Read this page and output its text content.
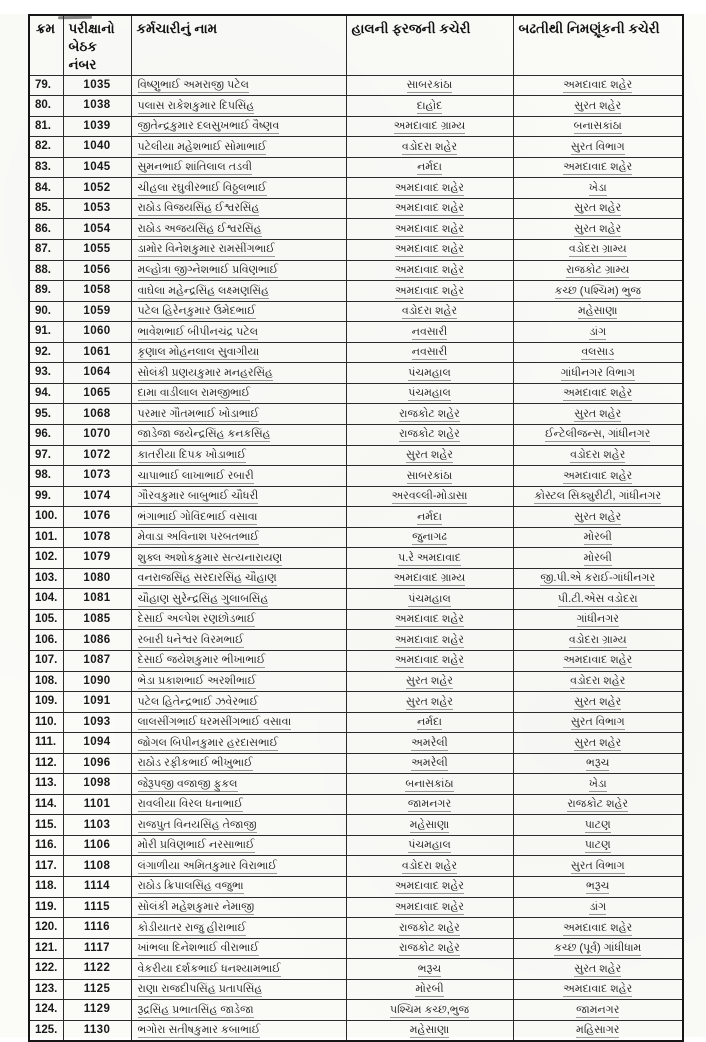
ક્રમ	પરીક્ષાનો બેઠક નંબર	કર્મચારીનું નામ	હાલની ફરજની કચેરી	બઢતીથી નિમણૂંકની કચેરી
79.	1035	વિષ્ણુભાઈ અમરાજી પટેલ	સાબરકાંઠા	અમદાવાદ શહેર
80.	1038	પલાસ રાકેશકુમાર દિપસિંહ	દાહોદ	સુરત શહેર
81.	1039	જીતેન્દ્રકુમાર દલસુખભાઈ વૈષ્ણવ	અમદાવાદ ગ્રામ્ય	બનાસકાંઠા
82.	1040	પટેલીયા મહેશભાઈ સોમાભાઈ	વડોદરા શહેર	સુરત વિભાગ
83.	1045	સુમનભાઈ શાંતિલાલ તડવી	નર્મદા	અમદાવાદ શહેર
84.	1052	ચીહલા રઘુવીરભાઈ વિઠ્ઠલભાઈ	અમદાવાદ શહેર	ખેડા
85.	1053	રાઠોડ વિજયસિંહ ઈશ્વરસિંહ	અમદાવાદ શહેર	સુરત શહેર
86.	1054	રાઠોડ અજયસિંહ ઈશ્વરસિંહ	અમદાવાદ શહેર	સુરત શહેર
87.	1055	ડામોર વિનેશકુમાર રામસીંગભાઈ	અમદાવાદ શહેર	વડોદરા ગ્રામ્ય
88.	1056	મલ્હોત્રા જીગ્નેશભાઈ પ્રવિણભાઈ	અમદાવાદ શહેર	રાજકોટ ગ્રામ્ય
89.	1058	વાઘેલા મહેન્દ્રસિંહ લક્ષ્મણસિંહ	અમદાવાદ શહેર	કચ્છ (પશ્ચિમ) ભુજ
90.	1059	પટેલ હિરેનકુમાર ઉમેદભાઈ	વડોદરા શહેર	મહેસાણા
91.	1060	ભાવેશભાઈ બીપીનચંદ્ર પટેલ	નવસારી	ડાંગ
92.	1061	કૃણાલ મોહનલાલ સુવાગીયા	નવસારી	વલસાડ
93.	1064	સોલંકી પ્રણયકુમાર મનહરસિંહ	પંચમહાલ	ગાંધીનગર વિભાગ
94.	1065	દામા વાડીલાલ રામજીભાઈ	પંચમહાલ	અમદાવાદ શહેર
95.	1068	પરમાર ગૌતમભાઈ ખોડાભાઈ	રાજકોટ શહેર	સુરત શહેર
96.	1070	જાડેજા જયેન્દ્રસિંહ કનકસિંહ	રાજકોટ શહેર	ઈન્ટેલીજન્સ, ગાંધીનગર
97.	1072	કાતરીયા દિપક ખોડાભાઈ	સુરત શહેર	વડોદરા શહેર
98.	1073	ચાપાભાઈ લાખાભાઈ રબારી	સાબરકાંઠા	અમદાવાદ શહેર
99.	1074	ગૌરવકુમાર બાબુભાઈ ચૌધરી	અરવલ્લી-મોડાસા	કોસ્ટલ સિક્યુરીટી, ગાંધીનગર
100.	1076	ભંગાભાઈ ગોવિંદભાઈ વસાવા	નર્મદા	સુરત શહેર
101.	1078	મેવાડા અવિનાશ પરબતભાઈ	જુનાગઢ	મોરબી
102.	1079	શુક્લ અશોકકુમાર સત્યનારાયણ	પ.રે અમદાવાદ	મોરબી
103.	1080	વનરાજસિંહ સરદારસિંહ ચૌહાણ	અમદાવાદ ગ્રામ્ય	જી.પી.એ કરાઈ-ગાંધીનગર
104.	1081	ચૌહાણ સુરેન્દ્રસિંહ ગુલાબસિંહ	પંચમહાલ	પી.ટી.એસ વડોદરા
105.	1085	દેસાઈ અલ્પેશ રણછોડભાઈ	અમદાવાદ શહેર	ગાંધીનગર
106.	1086	રબારી ધનેશ્વર વિરમભાઈ	અમદાવાદ શહેર	વડોદરા ગ્રામ્ય
107.	1087	દેસાઈ જયેશકુમાર ભીખાભાઈ	અમદાવાદ શહેર	અમદાવાદ શહેર
108.	1090	ભેડા પ્રકાશભાઈ અરશીભાઈ	સુરત શહેર	વડોદરા શહેર
109.	1091	પટેલ હિતેન્દ્રભાઈ ઝવેરભાઈ	સુરત શહેર	સુરત શહેર
110.	1093	લાલસીંગભાઈ ધરમસીંગભાઈ વસાવા	નર્મદા	સુરત વિભાગ
111.	1094	જોગલ બિપીનકુમાર હરદાસભાઈ	અમરેલી	સુરત શહેર
112.	1096	રાઠોડ રફીકભાઈ ભીખુભાઈ	અમરેલી	ભરૂચ
113.	1098	જેરૂપજી વજાજી ફુકલ	બનાસકાંઠા	ખેડા
114.	1101	રાવલીયા વિરલ ધનાભાઈ	જામનગર	રાજકોટ શહેર
115.	1103	રાજપુત વિનયસિંહ તેજાજી	મહેસાણા	પાટણ
116.	1106	મોરી પ્રવિણભાઈ નરસાભાઈ	પંચમહાલ	પાટણ
117.	1108	લંગાળીયા અમિતકુમાર વિરાભાઈ	વડોદરા શહેર	સુરત વિભાગ
118.	1114	રાઠોડ ક્રિપાલસિંહ વજુભા	અમદાવાદ શહેર	ભરૂચ
119.	1115	સોલંકી મહેશકુમાર નેમાજી	અમદાવાદ શહેર	ડાંગ
120.	1116	કોડીયાતર રાજુ હીરાભાઈ	રાજકોટ શહેર	અમદાવાદ શહેર
121.	1117	ખાંભલા દિનેશભાઈ વીરાભાઈ	રાજકોટ શહેર	કચ્છ (પૂર્વ) ગાંધીધામ
122.	1122	વેકરીયા દર્શકભાઈ ધનશ્યામભાઈ	ભરૂચ	સુરત શહેર
123.	1125	રાણા રાજદીપસિંહ પ્રતાપસિંહ	મોરબી	અમદાવાદ શહેર
124.	1129	રૂદ્રસિંહ પ્રભાતસિંહ જાડેજા	પશ્ચિમ કચ્છ,ભુજ	જામનગર
125.	1130	ભગોરા સતીષકુમાર કબાભાઈ	મહેસાણા	મહિસાગર
